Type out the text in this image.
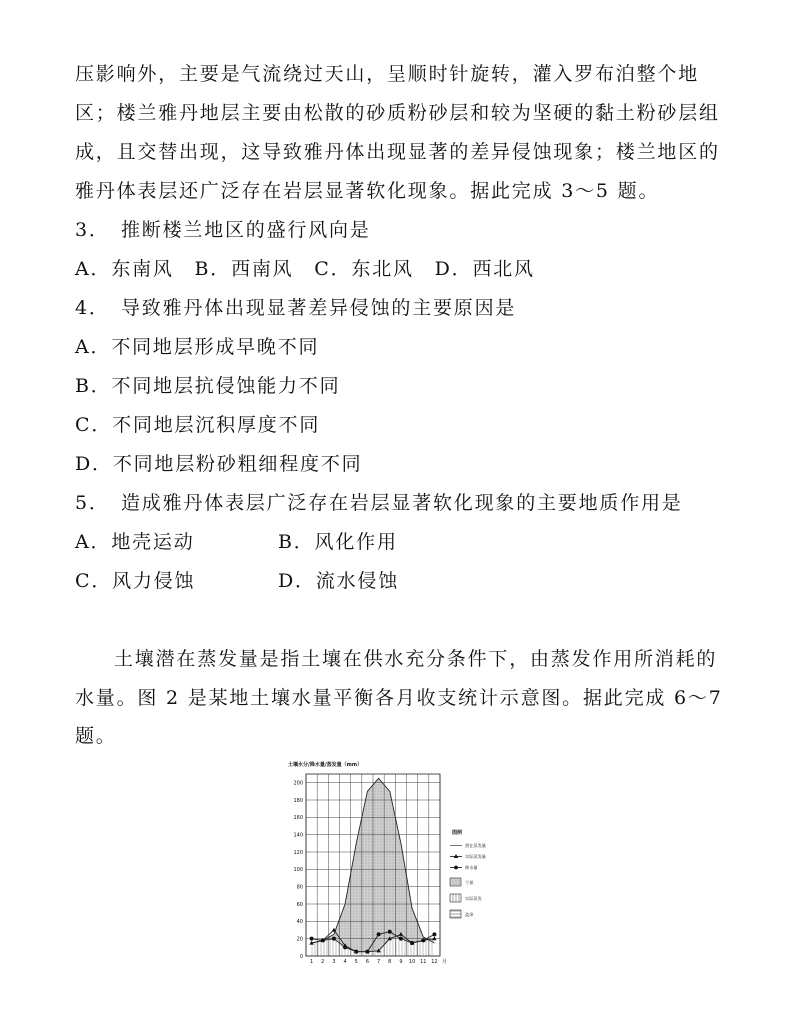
压影响外，主要是气流绕过天山，呈顺时针旋转，灌入罗布泊整个地
区；楼兰雅丹地层主要由松散的砂质粉砂层和较为坚硬的黏土粉砂层组
成，且交替出现，这导致雅丹体出现显著的差异侵蚀现象；楼兰地区的
雅丹体表层还广泛存在岩层显著软化现象。据此完成 3～5 题。
3．　推断楼兰地区的盛行风向是
A．东南风　B．西南风　C．东北风　D．西北风
4．　导致雅丹体出现显著差异侵蚀的主要原因是
A．不同地层形成早晚不同
B．不同地层抗侵蚀能力不同
C．不同地层沉积厚度不同
D．不同地层粉砂粗细程度不同
5．　造成雅丹体表层广泛存在岩层显著软化现象的主要地质作用是
A．地壳运动	B．风化作用
C．风力侵蚀	D．流水侵蚀
土壤潜在蒸发量是指土壤在供水充分条件下，由蒸发作用所消耗的
水量。图 2 是某地土壤水量平衡各月收支统计示意图。据此完成 6～7
题。
土壤水分/降水量/蒸发量（mm）
0
20
40
60
80
100
120
140
160
180
200
1 2 3 4 5 6 7 8 9 10 11 12 月
图例
潜在蒸发量
实际蒸发量
降水量
亏损
实际蒸发
盈余
